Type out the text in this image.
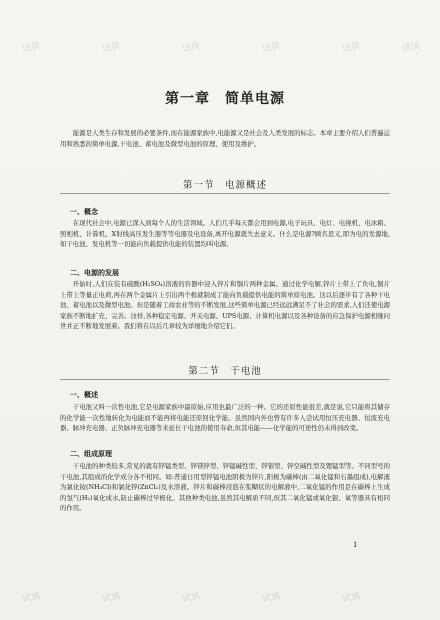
试读	试读	试读	试读	试读	试读
试读	试读	试读	试读	试读
第一章　简单电源
能源是人类生存和发展的必要条件,而在能源家族中,电能源又是社会及人类发展的标志。本章主要介绍人们普遍运用和熟悉的简单电源,干电池、蓄电池及微型电池的原理、使用及维护。
第一节　电源概述
一、概念
在现代社会中,电源已深入到每个人的生活领域。人们几乎每天都会用到电源,电子玩具、电灯、电视机、电冰箱、照相机、计算机、X射线高压发生器等等电器及电设备,离开电源就失去意义。什么是电源?顾名思义,即为电的发源地,如干电池、发电机等一切能向负载提供电能的装置均叫电源。
二、电源的发展
开始时,人们在装有硫酸(H₂SO₄)溶液的容器中浸入锌片和铜片两种金属。通过化学电解,锌片上带上了负电,铜片上带上等量正电荷,再在两个金属片上引出两个极就制成了能向负载提供电能的简单原电池。这以后逐步有了各种干电池、蓄电池以及微型电池。但是随着工商农业等的不断发展,这些简单电源已经远远满足不了社会的需求,人们还使电源家族不断地扩充、完善。这样,各种稳定电源、开关电源、UPS电源、计算机电源以及各种设备的应急保护电源相继问世并正不断地发展着。我们将在以后几章较为详细地介绍它们。
第二节　干电池
一、概述
干电池又叫一次性电池,它是电源家族中最原始,应用也最广泛的一种。它的还原性能很差,就是说,它只能将其储存的化学能一次性地转化为电能而不能再将电能还原回化学能。虽然国内外也曾有许多人尝试用恒压充电器、恒流充电器、脉冲充电器、正负脉冲充电器等来延长干电池的使用寿命,但其电能——化学能的可逆性仍未得到改变。
二、组成原理
干电池的种类较多,常见的就有锌锰类型、锌镁锌型、锌锰碱性型、锌银型、锌空碱性型及锂锰型等。不同型号的干电池,其组成的化学成分各不相同。如:普通日用型锌锰电池阴极为锌片,阳极为碳棒(由二氧化锰和石墨组成),电解液为氯化铵(NH₄Cl)和氯化锌(ZnCl₂)及水溶液。锌片和碳棒浸泡在浆糊状的电解液中,二氧化锰的作用是在碳棒上生成的氢气(H₂)氧化成水,防止碳棒过早极化。其他种类电池,虽然其电解质不同,但其二氧化锰或氧化银、氧等器具有相同的作用。
1
